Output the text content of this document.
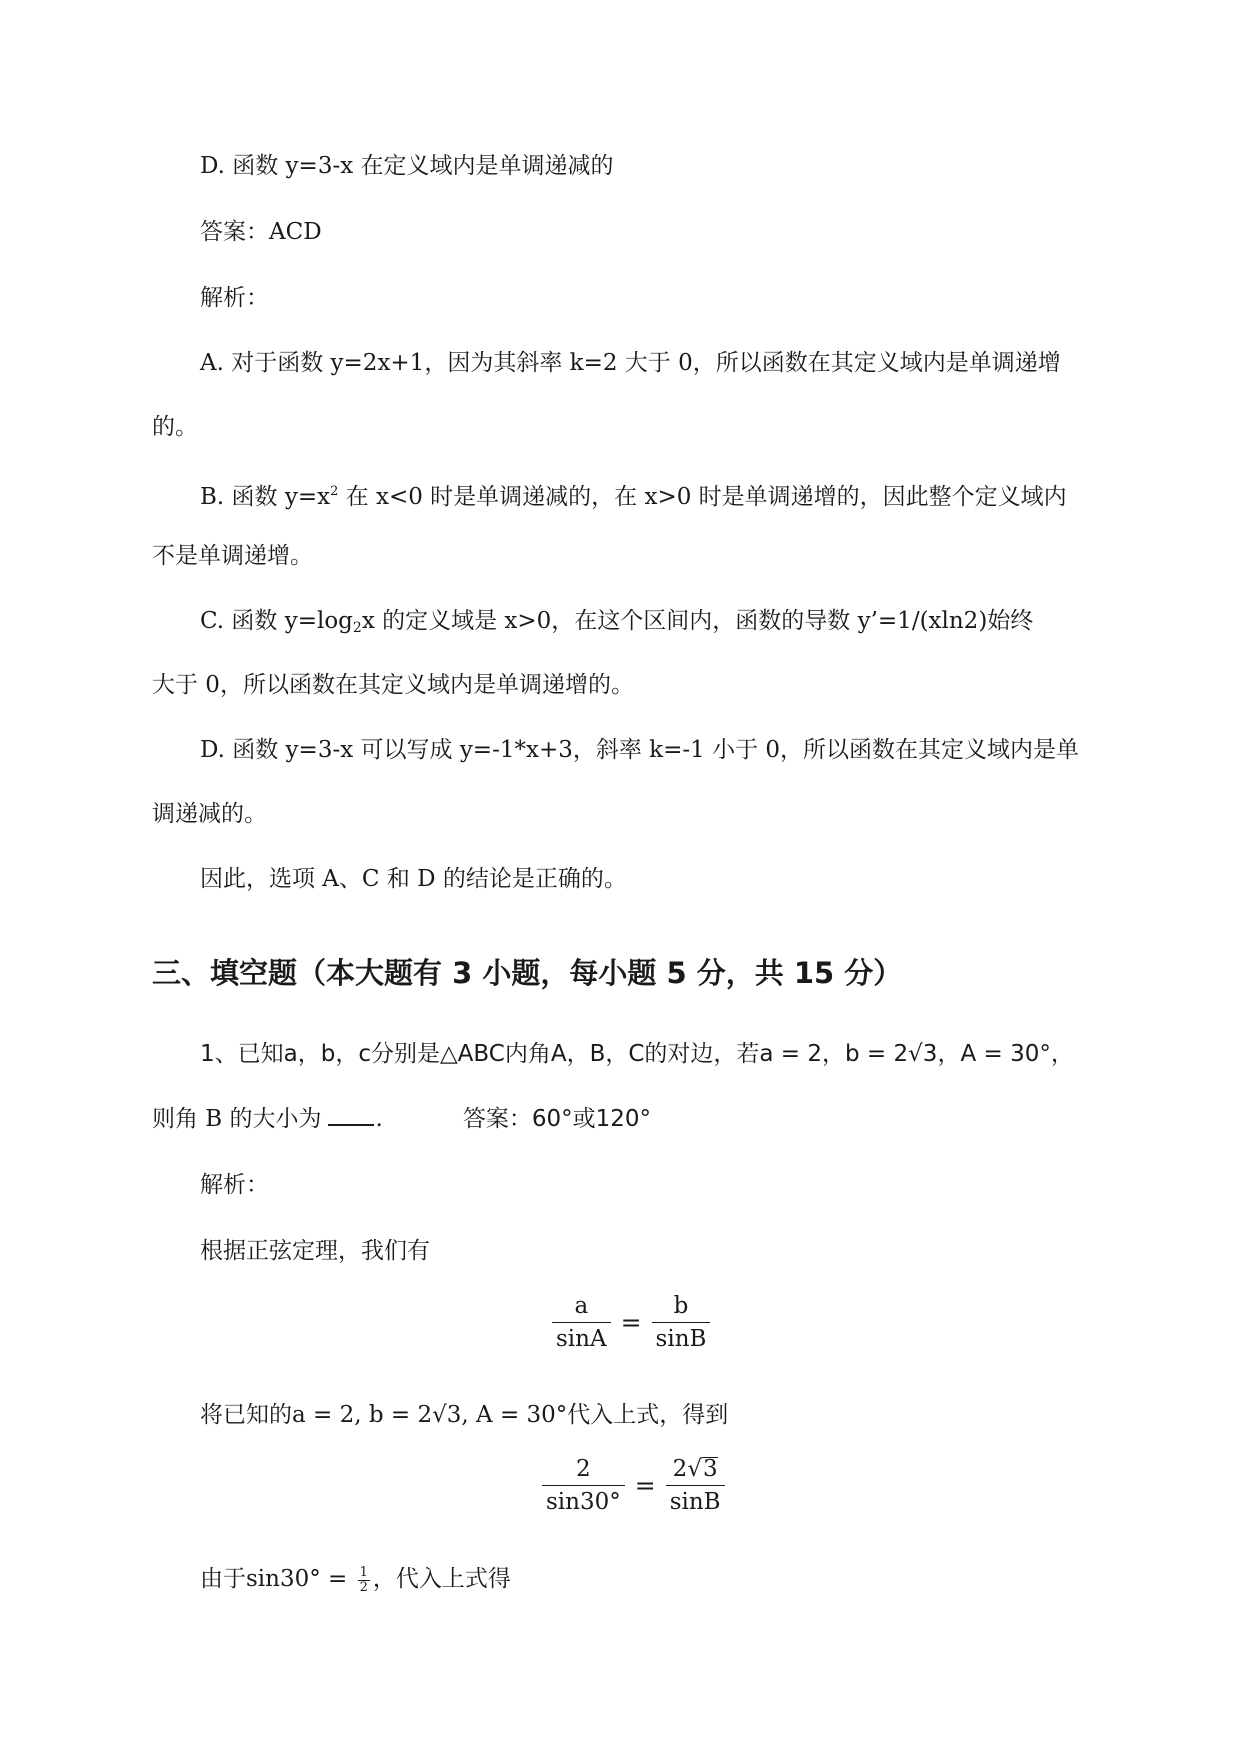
D. 函数 y=3-x 在定义域内是单调递减的
答案：ACD
解析：
A. 对于函数 y=2x+1，因为其斜率 k=2 大于 0，所以函数在其定义域内是单调递增
的。
B. 函数 $y=x^2$ 在 x<0 时是单调递减的，在 x>0 时是单调递增的，因此整个定义域内
不是单调递增。
C. 函数 $y=\log_2x$ 的定义域是 x>0，在这个区间内，函数的导数 y’=1/(xln2)始终
大于 0，所以函数在其定义域内是单调递增的。
D. 函数 y=3-x 可以写成 y=-1*x+3，斜率 k=-1 小于 0，所以函数在其定义域内是单
调递减的。
因此，选项 A、C 和 D 的结论是正确的。
三、填空题（本大题有 3 小题，每小题 5 分，共 15 分）
1、已知a，b，c分别是△ABC内角A，B，C的对边，若a = 2，b = 2√3，A = 30°，
则角 B 的大小为 .	答案：60°或120°
解析：
根据正弦定理，我们有
$\frac{a}{\sin A} = \frac{b}{\sin B}$
将已知的a = 2, b = 2√3, A = 30°代入上式，得到
$\frac{2}{\sin 30^\circ} = \frac{2√3}{\sin B}$
由于$\sin 30^\circ = \frac{1}{2}$ ，代入上式得
